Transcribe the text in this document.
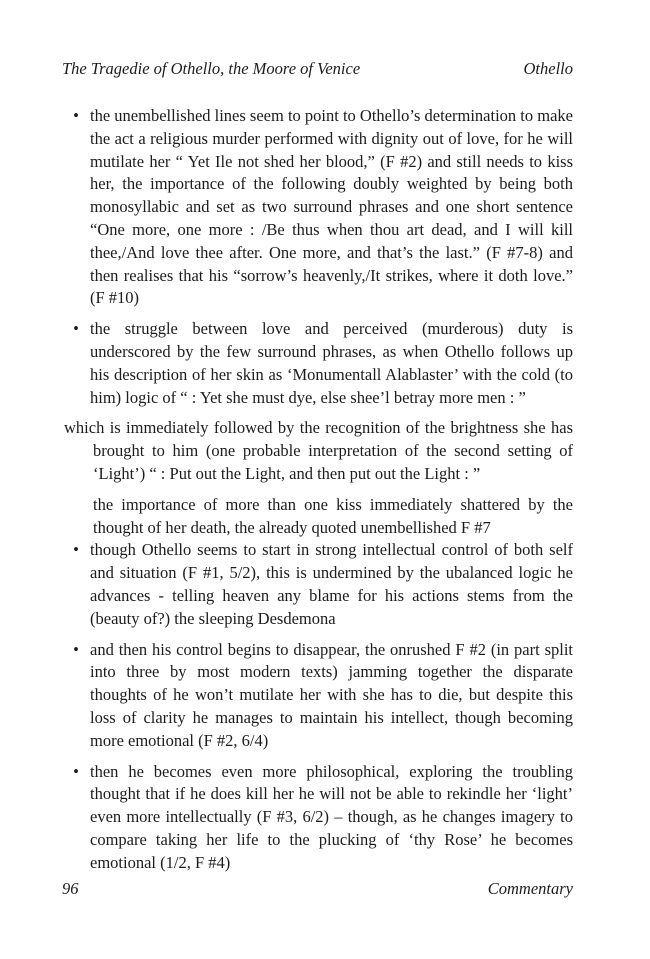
The Tragedie of Othello, the Moore of Venice	Othello

• the unembellished lines seem to point to Othello’s determination to make the act a religious murder performed with dignity out of love, for he will mutilate her “ Yet Ile not shed her blood,” (F #2) and still needs to kiss her, the importance of the following doubly weighted by being both monosyllabic and set as two surround phrases and one short sentence “One more, one more : /Be thus when thou art dead, and I will kill thee,/And love thee after. One more, and that’s the last.” (F #7-8) and then realises that his “sorrow’s heavenly,/It strikes, where it doth love.” (F #10)

• the struggle between love and perceived (murderous) duty is underscored by the few surround phrases, as when Othello follows up his description of her skin as ‘Monumentall Alablaster’ with the cold (to him) logic of “ : Yet she must dye, else shee’l betray more men : ”

which is immediately followed by the recognition of the brightness she has brought to him (one probable interpretation of the second setting of ‘Light’) “ : Put out the Light, and then put out the Light : ”

the importance of more than one kiss immediately shattered by the thought of her death, the already quoted unembellished F #7

• though Othello seems to start in strong intellectual control of both self and situation (F #1, 5/2), this is undermined by the ubalanced logic he advances - telling heaven any blame for his actions stems from the (beauty of?) the sleeping Desdemona

• and then his control begins to disappear, the onrushed F #2 (in part split into three by most modern texts) jamming together the disparate thoughts of he won’t mutilate her with she has to die, but despite this loss of clarity he manages to maintain his intellect, though becoming more emotional (F #2, 6/4)

• then he becomes even more philosophical, exploring the troubling thought that if he does kill her he will not be able to rekindle her ‘light’ even more intellectually (F #3, 6/2) – though, as he changes imagery to compare taking her life to the plucking of ‘thy Rose’ he becomes emotional (1/2, F #4)

96	Commentary
